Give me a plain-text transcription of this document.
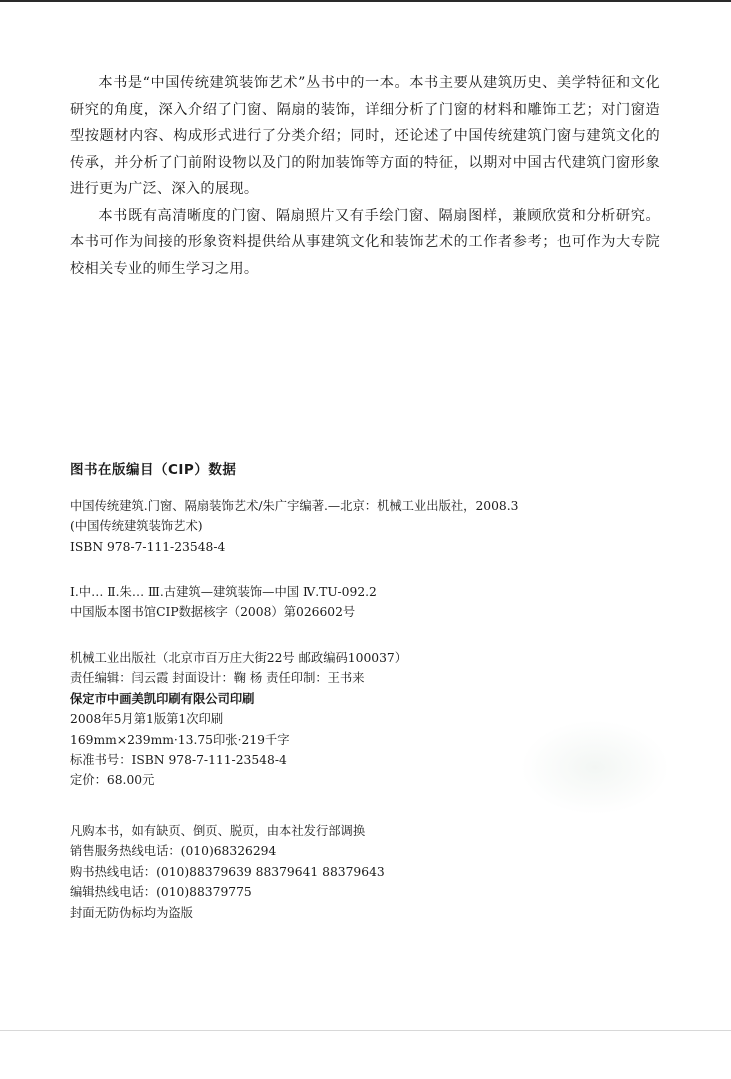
本书是“中国传统建筑装饰艺术”丛书中的一本。本书主要从建筑历史、美学特征和文化研究的角度，深入介绍了门窗、隔扇的装饰，详细分析了门窗的材料和雕饰工艺；对门窗造型按题材内容、构成形式进行了分类介绍；同时，还论述了中国传统建筑门窗与建筑文化的传承，并分析了门前附设物以及门的附加装饰等方面的特征，以期对中国古代建筑门窗形象进行更为广泛、深入的展现。

本书既有高清晰度的门窗、隔扇照片又有手绘门窗、隔扇图样，兼顾欣赏和分析研究。本书可作为间接的形象资料提供给从事建筑文化和装饰艺术的工作者参考；也可作为大专院校相关专业的师生学习之用。

图书在版编目（CIP）数据
中国传统建筑.门窗、隔扇装饰艺术/朱广宇编著.—北京：机械工业出版社，2008.3
(中国传统建筑装饰艺术)
ISBN 978-7-111-23548-4
Ⅰ.中… Ⅱ.朱… Ⅲ.古建筑—建筑装饰—中国 Ⅳ.TU-092.2
中国版本图书馆CIP数据核字（2008）第026602号
机械工业出版社（北京市百万庄大街22号 邮政编码100037）
责任编辑：闫云霞 封面设计：鞠 杨 责任印制：王书来
保定市中画美凯印刷有限公司印刷
2008年5月第1版第1次印刷
169mm×239mm·13.75印张·219千字
标准书号：ISBN 978-7-111-23548-4
定价：68.00元
凡购本书，如有缺页、倒页、脱页，由本社发行部调换
销售服务热线电话：(010)68326294
购书热线电话：(010)88379639 88379641 88379643
编辑热线电话：(010)88379775
封面无防伪标均为盗版
